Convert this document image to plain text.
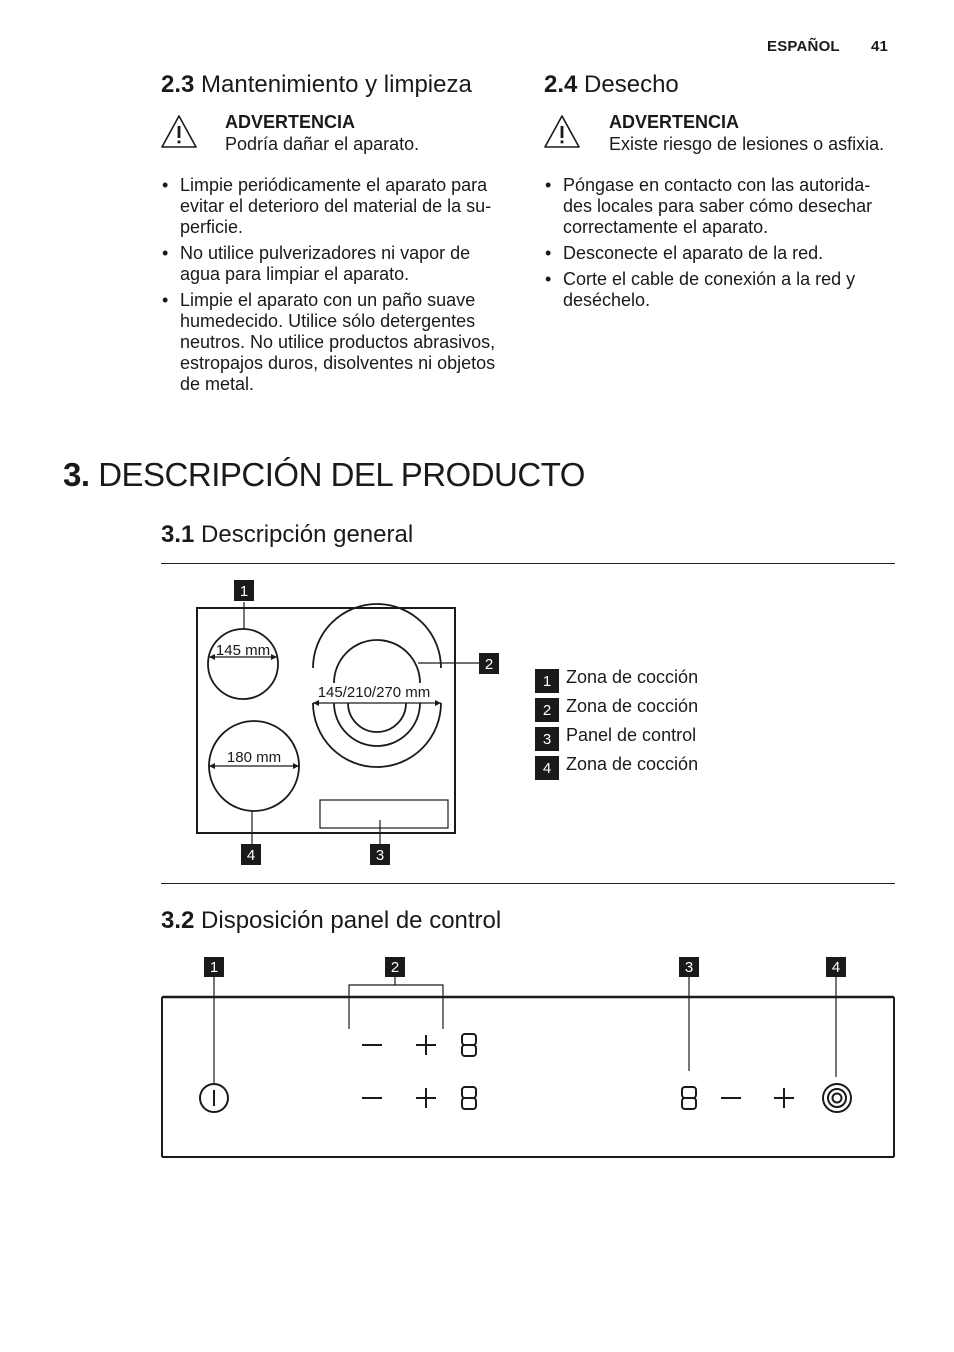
ESPAÑOL 41
2.3 Mantenimiento y limpieza
ADVERTENCIA
Podría dañar el aparato.
• Limpie periódicamente el aparato para evitar el deterioro del material de la su-perficie.
• No utilice pulverizadores ni vapor de agua para limpiar el aparato.
• Limpie el aparato con un paño suave humedecido. Utilice sólo detergentes neutros. No utilice productos abrasivos, estropajos duros, disolventes ni objetos de metal.
2.4 Desecho
ADVERTENCIA
Existe riesgo de lesiones o asfixia.
• Póngase en contacto con las autorida-des locales para saber cómo desechar correctamente el aparato.
• Desconecte el aparato de la red.
• Corte el cable de conexión a la red y deséchelo.
3. DESCRIPCIÓN DEL PRODUCTO
3.1 Descripción general
145 mm
145/210/270 mm
180 mm
1
2
3
4
1 Zona de cocción
2 Zona de cocción
3 Panel de control
4 Zona de cocción
3.2 Disposición panel de control
1	2	3	4
